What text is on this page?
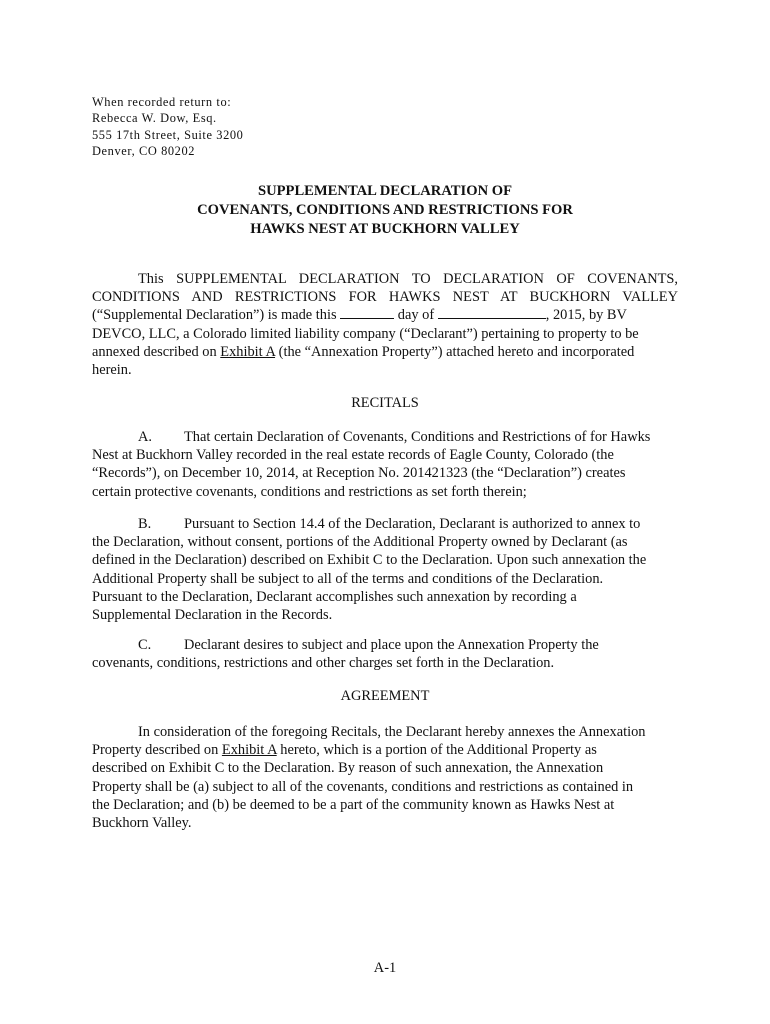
When recorded return to:
Rebecca W. Dow, Esq.
555 17th Street, Suite 3200
Denver, CO 80202
SUPPLEMENTAL DECLARATION OF
COVENANTS, CONDITIONS AND RESTRICTIONS FOR
HAWKS NEST AT BUCKHORN VALLEY
This SUPPLEMENTAL DECLARATION TO DECLARATION OF COVENANTS,
CONDITIONS AND RESTRICTIONS FOR HAWKS NEST AT BUCKHORN VALLEY
(“Supplemental Declaration”) is made this	day of	, 2015, by BV
DEVCO, LLC, a Colorado limited liability company (“Declarant”) pertaining to property to be
annexed described on Exhibit A (the “Annexation Property”) attached hereto and incorporated
herein.
RECITALS
A. That certain Declaration of Covenants, Conditions and Restrictions of for Hawks
Nest at Buckhorn Valley recorded in the real estate records of Eagle County, Colorado (the
“Records”), on December 10, 2014, at Reception No. 201421323 (the “Declaration”) creates
certain protective covenants, conditions and restrictions as set forth therein;
B. Pursuant to Section 14.4 of the Declaration, Declarant is authorized to annex to
the Declaration, without consent, portions of the Additional Property owned by Declarant (as
defined in the Declaration) described on Exhibit C to the Declaration. Upon such annexation the
Additional Property shall be subject to all of the terms and conditions of the Declaration.
Pursuant to the Declaration, Declarant accomplishes such annexation by recording a
Supplemental Declaration in the Records.
C. Declarant desires to subject and place upon the Annexation Property the
covenants, conditions, restrictions and other charges set forth in the Declaration.
AGREEMENT
In consideration of the foregoing Recitals, the Declarant hereby annexes the Annexation
Property described on Exhibit A hereto, which is a portion of the Additional Property as
described on Exhibit C to the Declaration. By reason of such annexation, the Annexation
Property shall be (a) subject to all of the covenants, conditions and restrictions as contained in
the Declaration; and (b) be deemed to be a part of the community known as Hawks Nest at
Buckhorn Valley.
A-1
